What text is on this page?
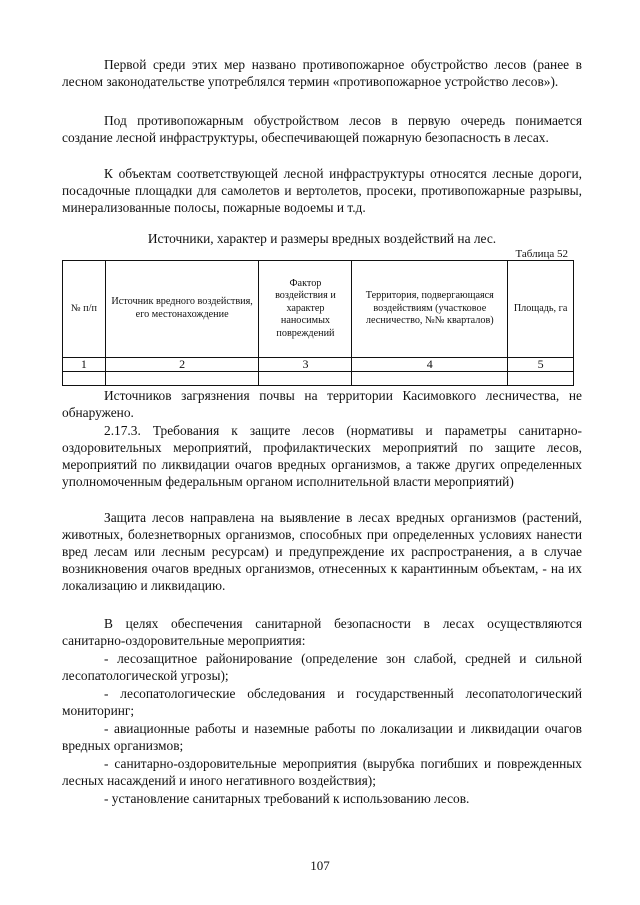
Первой среди этих мер названо противопожарное обустройство лесов (ранее в лесном законодательстве употреблялся термин «противопожарное устройство лесов»).

Под противопожарным обустройством лесов в первую очередь понимается создание лесной инфраструктуры, обеспечивающей пожарную безопасность в лесах.

К объектам соответствующей лесной инфраструктуры относятся лесные дороги, посадочные площадки для самолетов и вертолетов, просеки, противопожарные разрывы, минерализованные полосы, пожарные водоемы и т.д.

Источники, характер и размеры вредных воздействий на лес.
Таблица 52
№ п/п	Источник вредного воздействия, его местонахождение	Фактор воздействия и характер наносимых повреждений	Территория, подвергающаяся воздействиям (участковое лесничество, №№ кварталов)	Площадь, га
1	2	3	4	5

Источников загрязнения почвы на территории Касимовкого лесничества, не обнаружено.

2.17.3. Требования к защите лесов (нормативы и параметры санитарно-оздоровительных мероприятий, профилактических мероприятий по защите лесов, мероприятий по ликвидации очагов вредных организмов, а также других определенных уполномоченным федеральным органом исполнительной власти мероприятий)

Защита лесов направлена на выявление в лесах вредных организмов (растений, животных, болезнетворных организмов, способных при определенных условиях нанести вред лесам или лесным ресурсам) и предупреждение их распространения, а в случае возникновения очагов вредных организмов, отнесенных к карантинным объектам, - на их локализацию и ликвидацию.

В целях обеспечения санитарной безопасности в лесах осуществляются санитарно-оздоровительные мероприятия:

- лесозащитное районирование (определение зон слабой, средней и сильной лесопатологической угрозы);

- лесопатологические обследования и государственный лесопатологический мониторинг;

- авиационные работы и наземные работы по локализации и ликвидации очагов вредных организмов;

- санитарно-оздоровительные мероприятия (вырубка погибших и поврежденных лесных насаждений и иного негативного воздействия);

- установление санитарных требований к использованию лесов.

107
